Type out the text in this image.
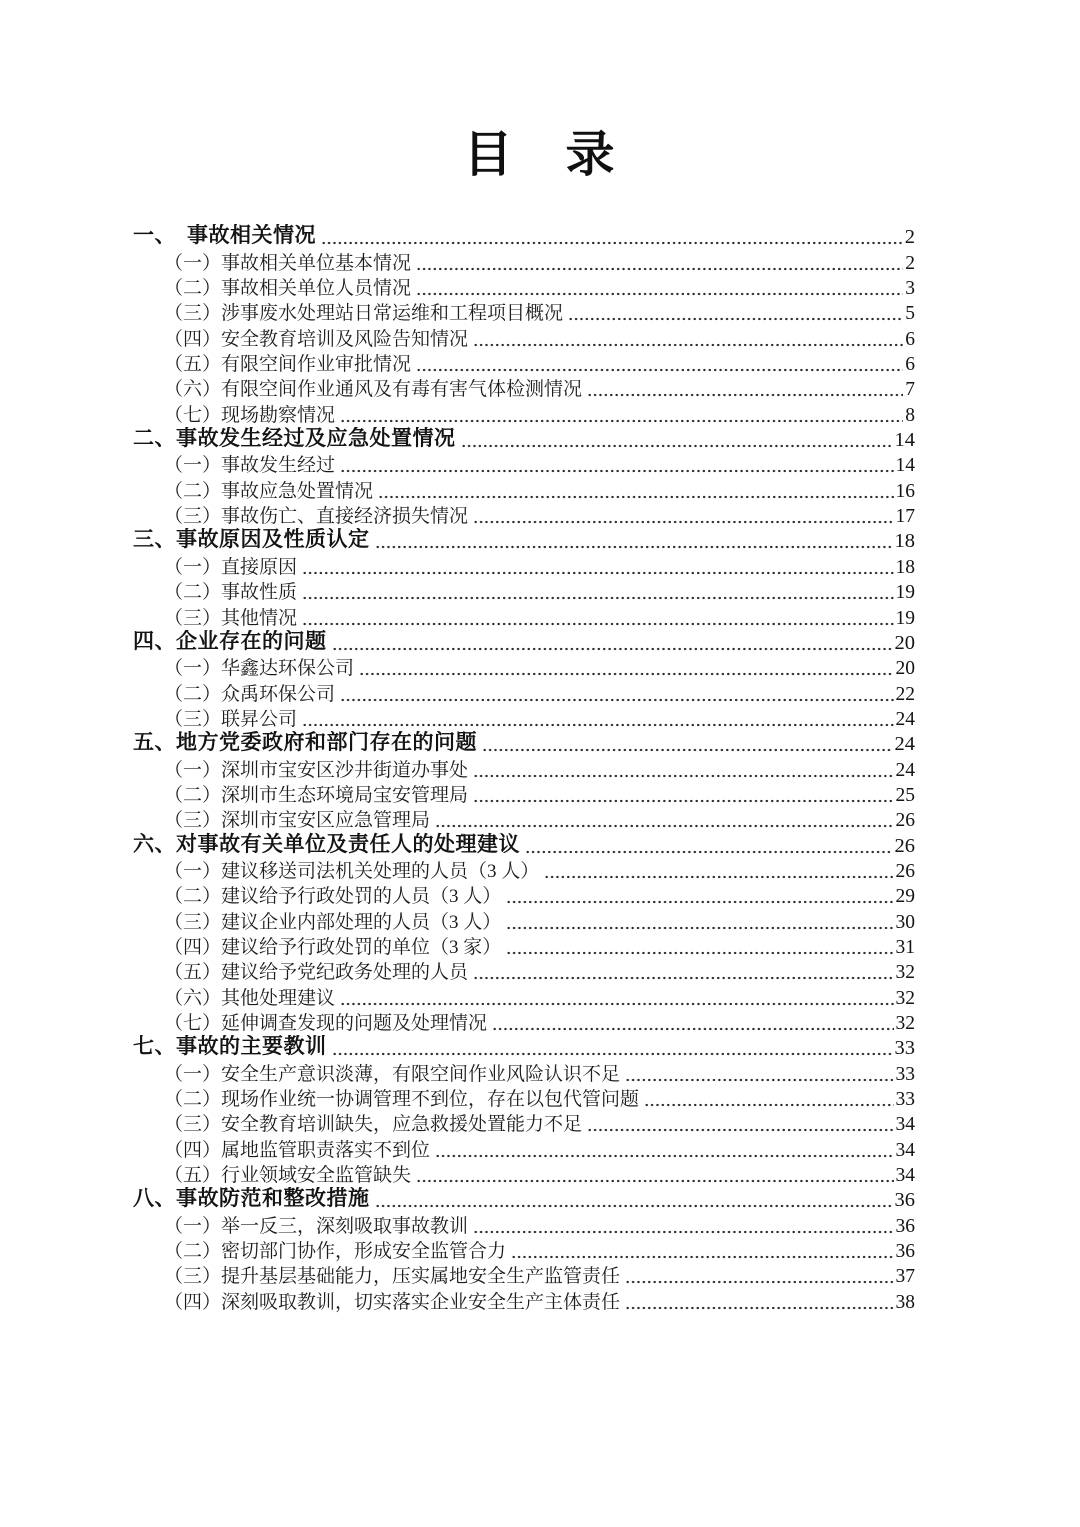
目　录
一、　事故相关情况	2
（一）事故相关单位基本情况	2
（二）事故相关单位人员情况	3
（三）涉事废水处理站日常运维和工程项目概况	5
（四）安全教育培训及风险告知情况	6
（五）有限空间作业审批情况	6
（六）有限空间作业通风及有毒有害气体检测情况	7
（七）现场勘察情况	8
二、事故发生经过及应急处置情况	14
（一）事故发生经过	14
（二）事故应急处置情况	16
（三）事故伤亡、直接经济损失情况	17
三、事故原因及性质认定	18
（一）直接原因	18
（二）事故性质	19
（三）其他情况	19
四、企业存在的问题	20
（一）华鑫达环保公司	20
（二）众禹环保公司	22
（三）联昇公司	24
五、地方党委政府和部门存在的问题	24
（一）深圳市宝安区沙井街道办事处	24
（二）深圳市生态环境局宝安管理局	25
（三）深圳市宝安区应急管理局	26
六、对事故有关单位及责任人的处理建议	26
（一）建议移送司法机关处理的人员（3 人）	26
（二）建议给予行政处罚的人员（3 人）	29
（三）建议企业内部处理的人员（3 人）	30
（四）建议给予行政处罚的单位（3 家）	31
（五）建议给予党纪政务处理的人员	32
（六）其他处理建议	32
（七）延伸调查发现的问题及处理情况	32
七、事故的主要教训	33
（一）安全生产意识淡薄，有限空间作业风险认识不足	33
（二）现场作业统一协调管理不到位，存在以包代管问题	33
（三）安全教育培训缺失，应急救援处置能力不足	34
（四）属地监管职责落实不到位	34
（五）行业领域安全监管缺失	34
八、事故防范和整改措施	36
（一）举一反三，深刻吸取事故教训	36
（二）密切部门协作，形成安全监管合力	36
（三）提升基层基础能力，压实属地安全生产监管责任	37
（四）深刻吸取教训，切实落实企业安全生产主体责任	38
